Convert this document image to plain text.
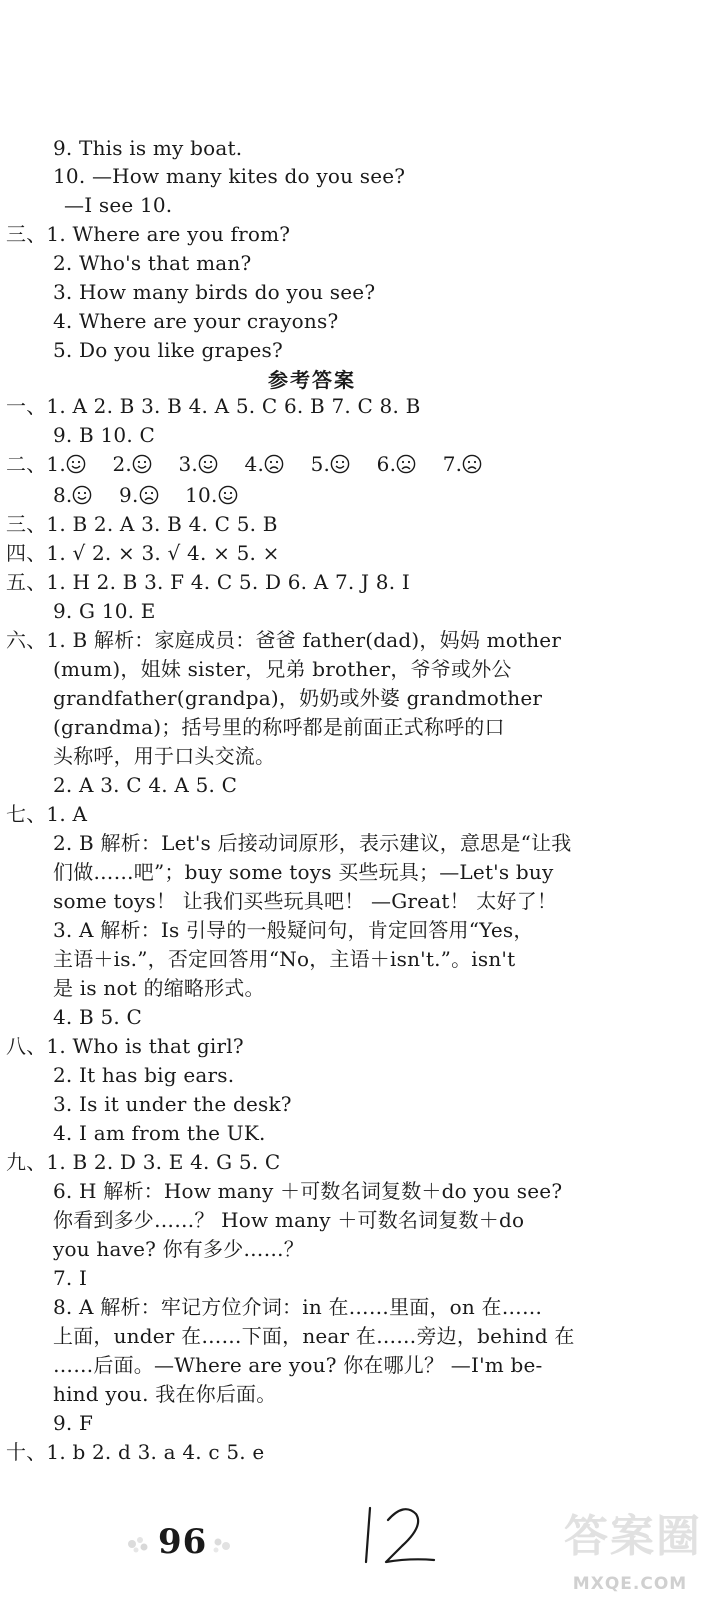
9. This is my boat.
10. —How many kites do you see?
—I see 10.
三、1. Where are you from?
2. Who's that man?
3. How many birds do you see?
4. Where are your crayons?
5. Do you like grapes?
参考答案
一、1. A 2. B 3. B 4. A 5. C 6. B 7. C 8. B
9. B 10. C
二、1. 2. 3. 4. 5. 6. 7.
8. 9. 10.
三、1. B 2. A 3. B 4. C 5. B
四、1. √ 2. × 3. √ 4. × 5. ×
五、1. H 2. B 3. F 4. C 5. D 6. A 7. J 8. I
9. G 10. E
六、1. B 解析：家庭成员：爸爸 father(dad)，妈妈 mother
(mum)，姐妹 sister，兄弟 brother，爷爷或外公
grandfather(grandpa)，奶奶或外婆 grandmother
(grandma)；括号里的称呼都是前面正式称呼的口
头称呼，用于口头交流。
2. A 3. C 4. A 5. C
七、1. A
2. B 解析：Let's 后接动词原形，表示建议，意思是“让我
们做……吧”；buy some toys 买些玩具；—Let's buy
some toys！ 让我们买些玩具吧！ —Great！ 太好了！
3. A 解析：Is 引导的一般疑问句，肯定回答用“Yes，
主语＋is.”，否定回答用“No，主语＋isn't.”。isn't
是 is not 的缩略形式。
4. B 5. C
八、1. Who is that girl?
2. It has big ears.
3. Is it under the desk?
4. I am from the UK.
九、1. B 2. D 3. E 4. G 5. C
6. H 解析：How many ＋可数名词复数＋do you see?
你看到多少……？ How many ＋可数名词复数＋do
you have? 你有多少……？
7. I
8. A 解析：牢记方位介词：in 在……里面，on 在……
上面，under 在……下面，near 在……旁边，behind 在
……后面。—Where are you? 你在哪儿？ —I'm be-
hind you. 我在你后面。
9. F
十、1. b 2. d 3. a 4. c 5. e
96	答案圈
MXQE.COM
